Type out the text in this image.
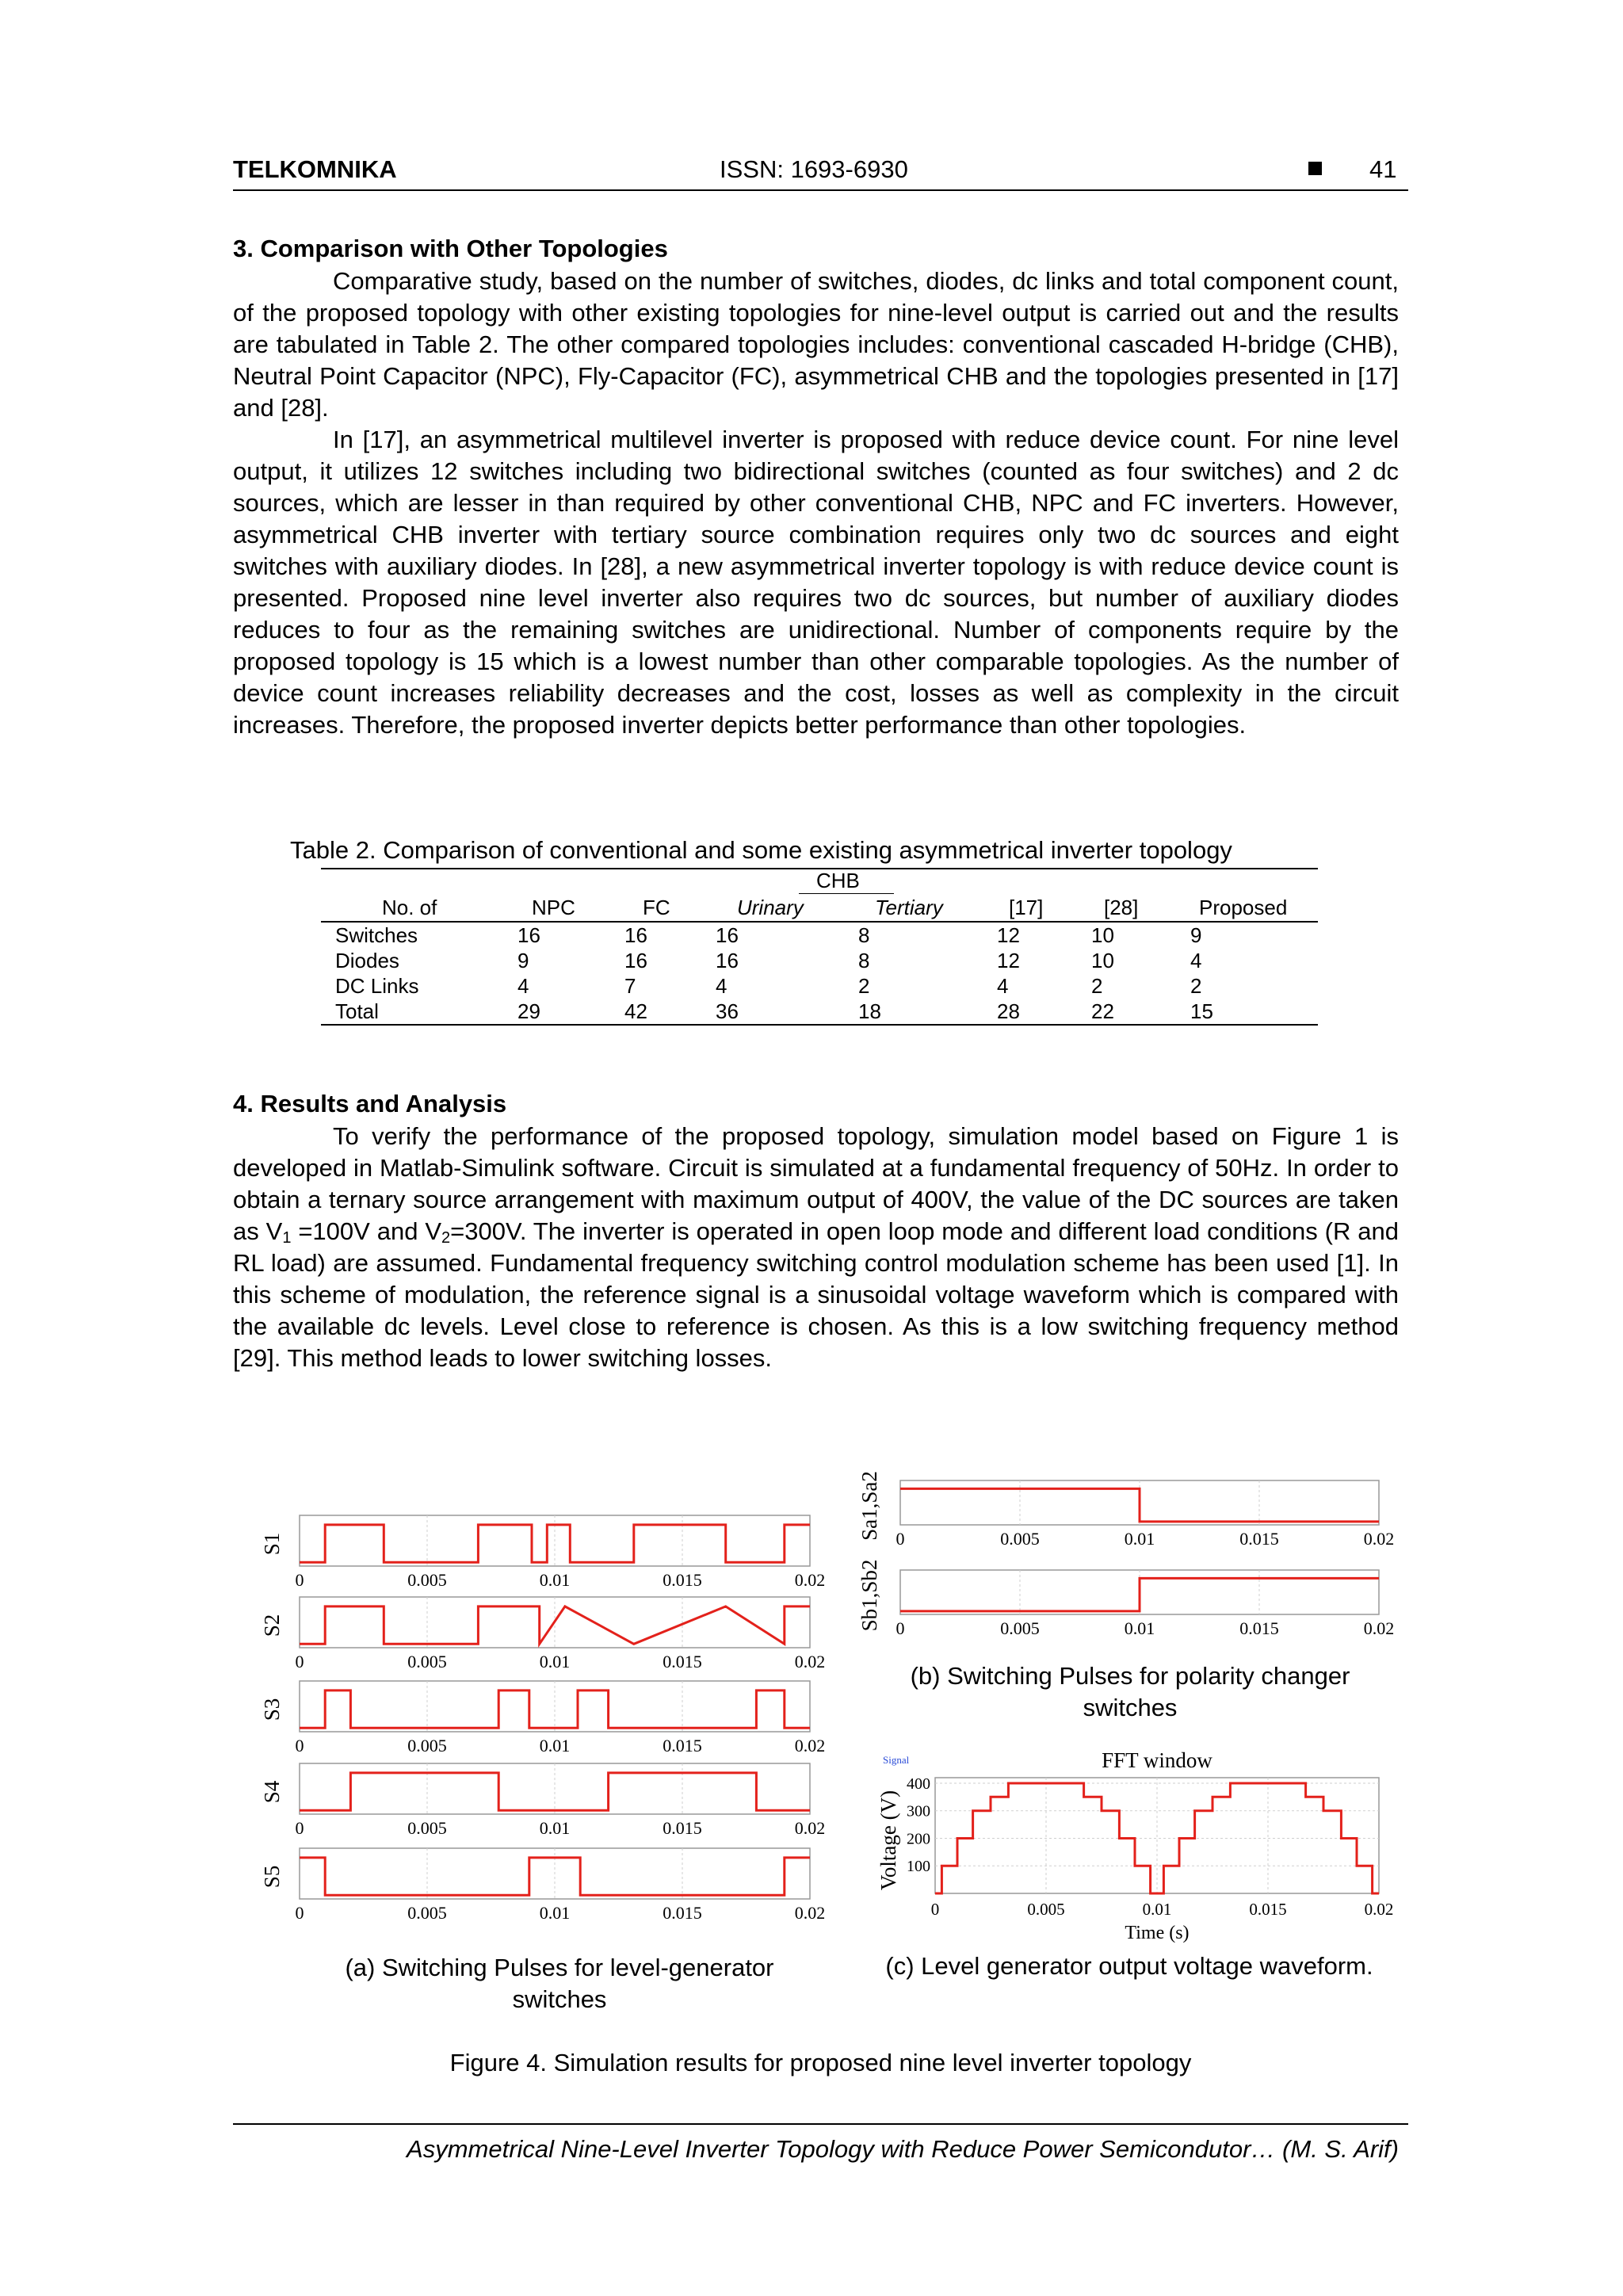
TELKOMNIKA	ISSN: 1693-6930	41
3. Comparison with Other Topologies

Comparative study, based on the number of switches, diodes, dc links and total component count, of the proposed topology with other existing topologies for nine-level output is carried out and the results are tabulated in Table 2. The other compared topologies includes: conventional cascaded H-bridge (CHB), Neutral Point Capacitor (NPC), Fly-Capacitor (FC), asymmetrical CHB and the topologies presented in [17] and [28].

In [17], an asymmetrical multilevel inverter is proposed with reduce device count. For nine level output, it utilizes 12 switches including two bidirectional switches (counted as four switches) and 2 dc sources, which are lesser in than required by other conventional CHB, NPC and FC inverters. However, asymmetrical CHB inverter with tertiary source combination requires only two dc sources and eight switches with auxiliary diodes. In [28], a new asymmetrical inverter topology is with reduce device count is presented. Proposed nine level inverter also requires two dc sources, but number of auxiliary diodes reduces to four as the remaining switches are unidirectional. Number of components require by the proposed topology is 15 which is a lowest number than other comparable topologies. As the number of device count increases reliability decreases and the cost, losses as well as complexity in the circuit increases. Therefore, the proposed inverter depicts better performance than other topologies.

Table 2. Comparison of conventional and some existing asymmetrical inverter topology
CHB
No. of	NPC	FC	Urinary	Tertiary	[17]	[28]	Proposed
Switches	16	16	16	8	12	10	9
Diodes	9	16	16	8	12	10	4
DC Links	4	7	4	2	4	2	2
Total	29	42	36	18	28	22	15
4. Results and Analysis

To verify the performance of the proposed topology, simulation model based on Figure 1 is developed in Matlab-Simulink software. Circuit is simulated at a fundamental frequency of 50Hz. In order to obtain a ternary source arrangement with maximum output of 400V, the value of the DC sources are taken as $V_1 =100V$ and $V_2=300V$. The inverter is operated in open loop mode and different load conditions (R and RL load) are assumed. Fundamental frequency switching control modulation scheme has been used [1]. In this scheme of modulation, the reference signal is a sinusoidal voltage waveform which is compared with the available dc levels. Level close to reference is chosen. As this is a low switching frequency method [29]. This method leads to lower switching losses.

0	0.005	0.01	0.015	0.02
S1
0	0.005	0.01	0.015	0.02
S2
0	0.005	0.01	0.015	0.02
S3
0	0.005	0.01	0.015	0.02
S4
0	0.005	0.01	0.015	0.02
S5
0	0.005	0.01	0.015	0.02
Sa1,Sa2
0	0.005	0.01	0.015	0.02
Sb1,Sb2
0	0.005	0.01	0.015	0.02
100
200
300
400
Time (s)
Voltage (V)
FFT window
Signal
(a) Switching Pulses for level-generator switches
(b) Switching Pulses for polarity changer switches
(c) Level generator output voltage waveform.
Figure 4. Simulation results for proposed nine level inverter topology
Asymmetrical Nine-Level Inverter Topology with Reduce Power Semicondutor… (M. S. Arif)
